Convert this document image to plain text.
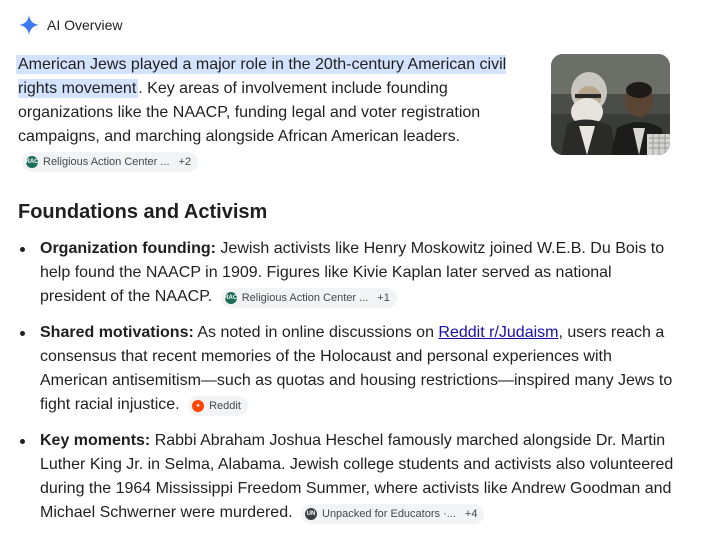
AI Overview
American Jews played a major role in the 20th-century American civil rights movement . Key areas of involvement include founding organizations like the NAACP, funding legal and voter registration campaigns, and marching alongside African American leaders.
RAC Religious Action Center ... +2
Foundations and Activism
Organization founding: Jewish activists like Henry Moskowitz joined W.E.B. Du Bois to help found the NAACP in 1909. Figures like Kivie Kaplan later served as national president of the NAACP. RAC Religious Action Center ... +1
Shared motivations: As noted in online discussions on Reddit r/Judaism, users reach a consensus that recent memories of the Holocaust and personal experiences with American antisemitism—such as quotas and housing restrictions—inspired many Jews to fight racial injustice.	● Reddit
Key moments: Rabbi Abraham Joshua Heschel famously marched alongside Dr. Martin Luther King Jr. in Selma, Alabama. Jewish college students and activists also volunteered during the 1964 Mississippi Freedom Summer, where activists like Andrew Goodman and Michael Schwerner were murdered. UN Unpacked for Educators ·... +4
